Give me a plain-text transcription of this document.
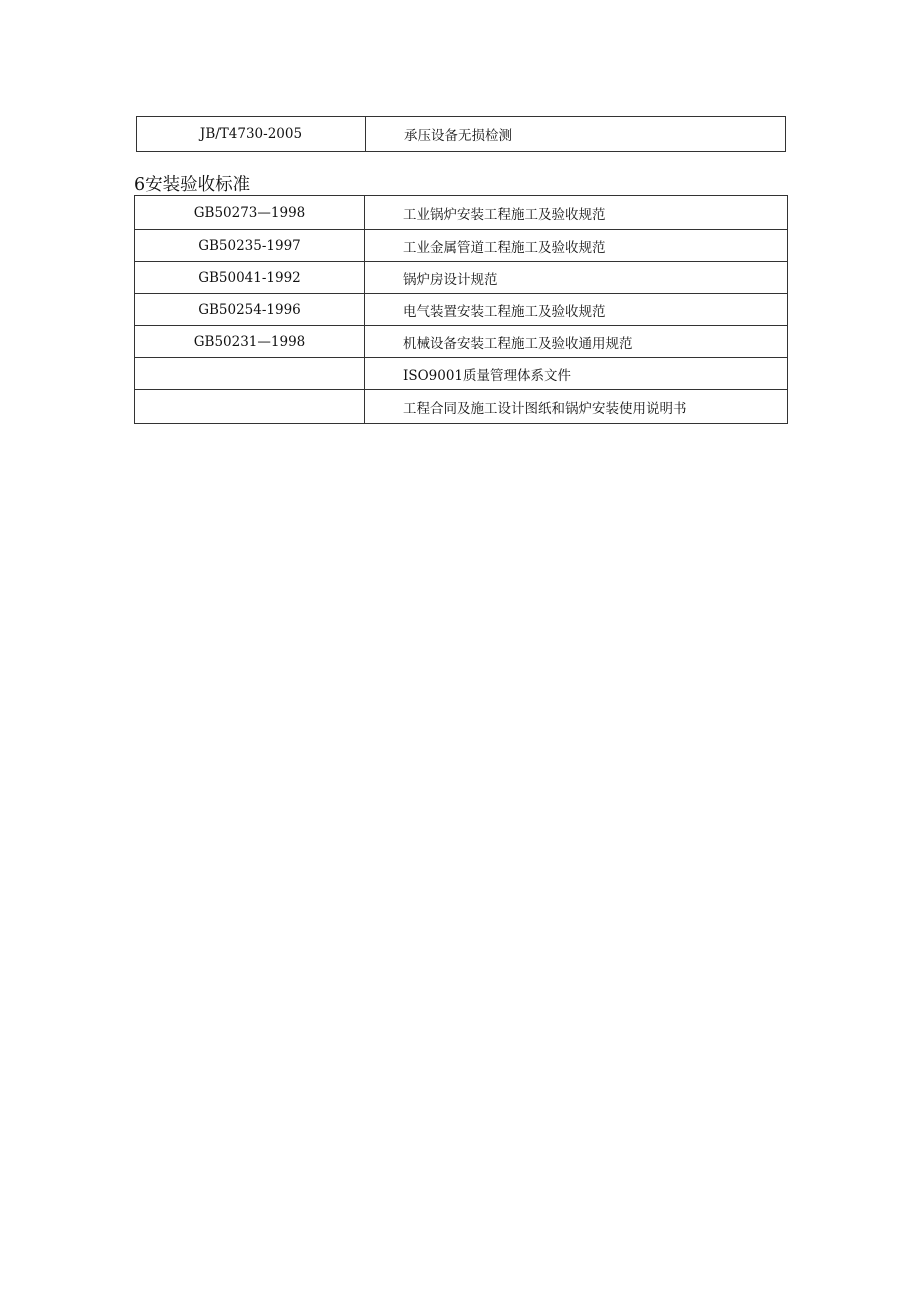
JB/T4730-2005	承压设备无损检测
6安装验收标准
GB50273—1998	工业锅炉安装工程施工及验收规范
GB50235-1997	工业金属管道工程施工及验收规范
GB50041-1992	锅炉房设计规范
GB50254-1996	电气装置安装工程施工及验收规范
GB50231—1998	机械设备安装工程施工及验收通用规范
	ISO9001质量管理体系文件
	工程合同及施工设计图纸和锅炉安装使用说明书
